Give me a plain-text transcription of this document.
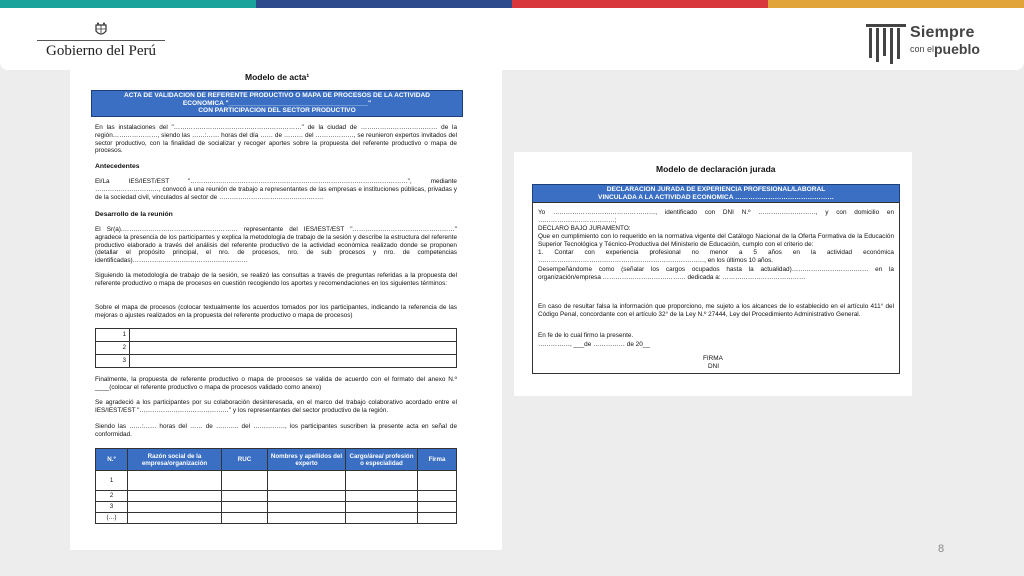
Gobierno del Perú
Siempre
con el pueblo
Modelo de acta¹
ACTA DE VALIDACION DE REFERENTE PRODUCTIVO O MAPA DE PROCESOS DE LA ACTIVIDAD
ECONOMICA "______________________________________"
CON PARTICIPACION DEL SECTOR PRODUCTIVO
En las instalaciones del "……………………………………………………" de la ciudad de ……………………………… de la región…………………, siendo las ……:…… horas del día …… de ……… del ………………, se reunieron expertos invitados del sector productivo, con la finalidad de socializar y recoger aportes sobre la propuesta del referente productivo o mapa de procesos.
Antecedentes
El/La IES/IEST/EST "…………………………………………………………………………………………", mediante …………………………, convocó a una reunión de trabajo a representantes de las empresas e instituciones públicas, privadas y de la sociedad civil, vinculados al sector de ………………………………………….
Desarrollo de la reunión
El Sr(a).……………………………………………… representante del IES/IEST/EST "…………………………………………" agradece la presencia de los participantes y explica la metodología de trabajo de la sesión y describe la estructura del referente productivo elaborado a través del análisis del referente productivo de la actividad económica realizado donde se proponen (detallar el propósito principal, el nro. de procesos, nro. de sub procesos y nro. de competencias identificadas)………………………………………………
Siguiendo la metodología de trabajo de la sesión, se realizó las consultas a través de preguntas referidas a la propuesta del referente productivo o mapa de procesos en cuestión recogiendo los aportes y recomendaciones en los siguientes términos:
Sobre el mapa de procesos (colocar textualmente los acuerdos tomados por los participantes, indicando la referencia de las mejoras o ajustes realizados en la propuesta del referente productivo o mapa de procesos)
1	
2	
3	
Finalmente, la propuesta de referente productivo o mapa de procesos se valida de acuerdo con el formato del anexo N.º ____(colocar el referente productivo o mapa de procesos validado como anexo)
Se agradeció a los participantes por su colaboración desinteresada, en el marco del trabajo colaborativo acordado entre el IES/IEST/EST "……………………………………" y los representantes del sector productivo de la región.
Siendo las ……:…… horas del …… de ……….. del ……………, los participantes suscriben la presente acta en señal de conformidad.
N.º	Razón social de la empresa/organización	RUC	Nombres y apellidos del experto	Cargo/área/ profesión o especialidad	Firma
1					
2					
3					
(…)					
Modelo de declaración jurada
DECLARACION JURADA DE EXPERIENCIA PROFESIONAL/LABORAL
VINCULADA A LA ACTIVIDAD ECONOMICA ………………………………………
Yo …………………………………………, identificado con DNI N.º ………………………, y con domicilio en ………………………………;
DECLARO BAJO JURAMENTO:
Que en cumplimiento con lo requerido en la normativa vigente del Catálogo Nacional de la Oferta Formativa de la Educación Superior Tecnológica y Técnico-Productiva del Ministerio de Educación, cumplo con el criterio de:
1. Contar con experiencia profesional no menor a 5 años en la actividad económica ……………………………………………………………………, en los últimos 10 años.
Desempeñándome como (señalar los cargos ocupados hasta la actualidad)……………………………… en la organización/empresa ………………………………… dedicada a: …………………………………
En caso de resultar falsa la información que proporciono, me sujeto a los alcances de lo establecido en el artículo 411° del Código Penal, concordante con el artículo 32° de la Ley N.º 27444, Ley del Procedimiento Administrativo General.
En fe de lo cual firmo la presente.
……………, ___de …………… de 20__
FIRMA
DNI
8
